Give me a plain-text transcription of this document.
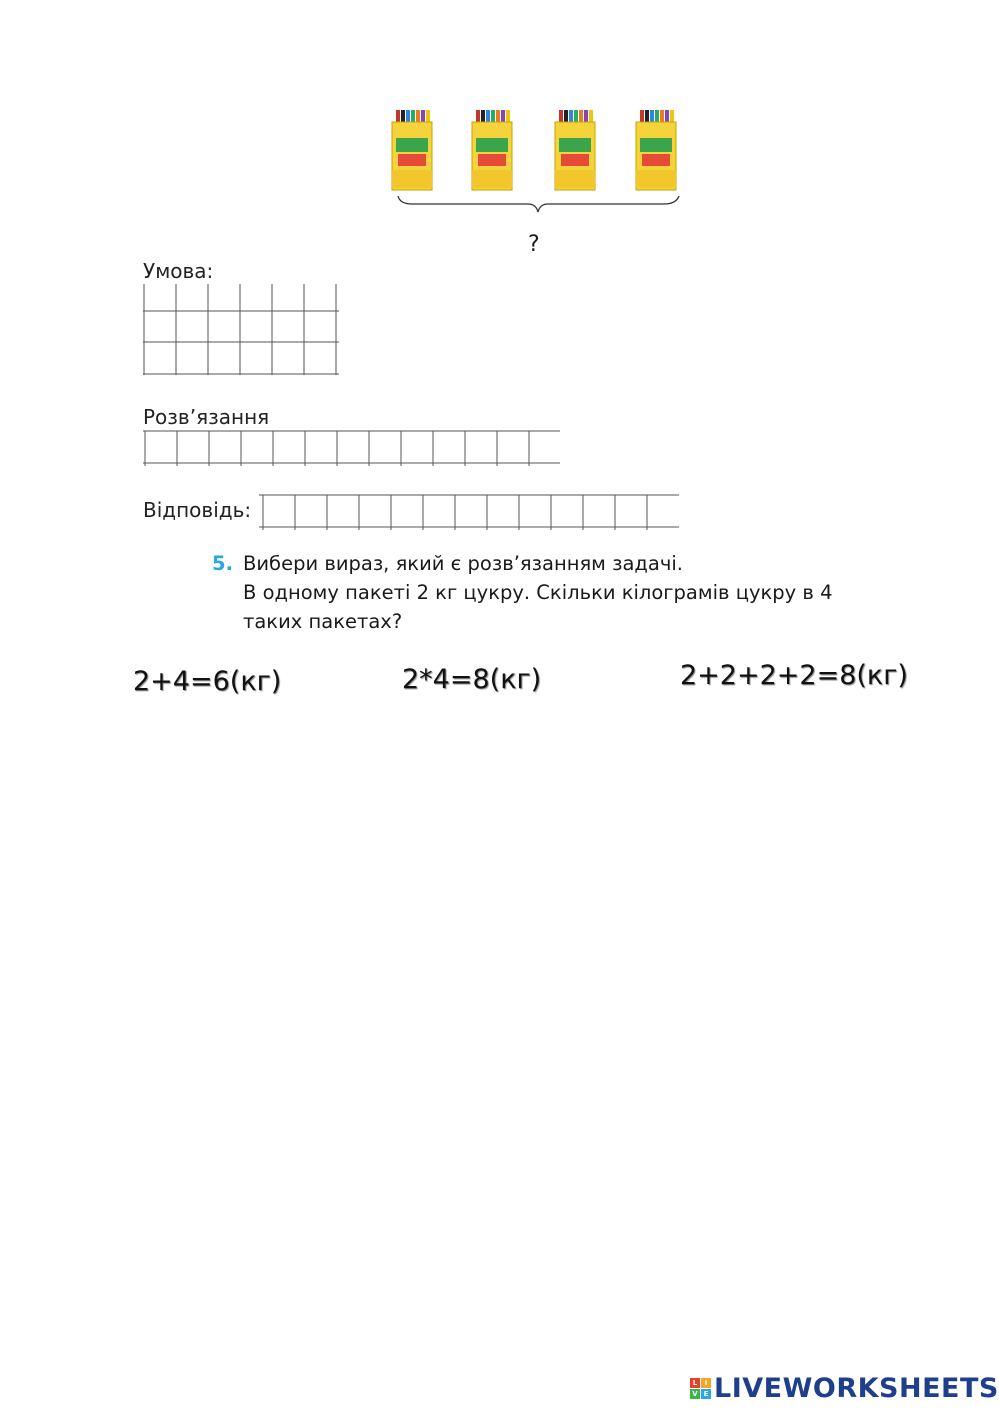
?
Умова:
Розв’язання
Відповідь:
5. Вибери вираз, який є розв’язанням задачі.
В одному пакеті 2 кг цукру. Скільки кілограмів цукру в 4
таких пакетах?
2+4=6(кг)	2*4=8(кг)	2+2+2+2=8(кг)
L	I
V E LIVEWORKSHEETS
